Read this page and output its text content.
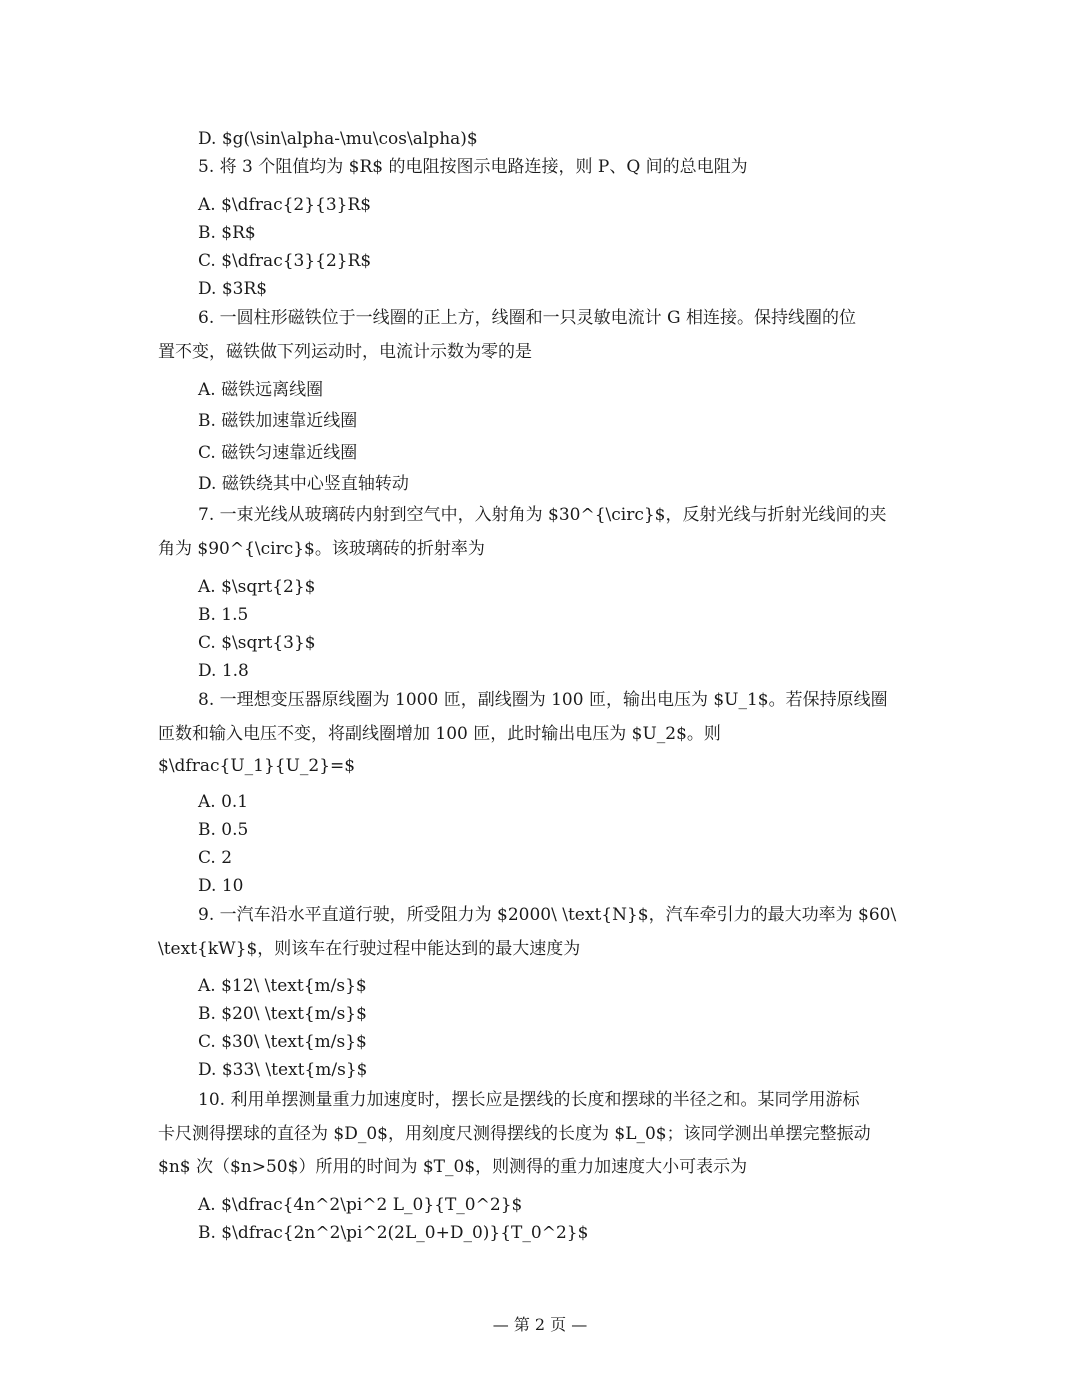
D. $g(\sin\alpha-\mu\cos\alpha)$
5. 将 3 个阻值均为 $R$ 的电阻按图示电路连接，则 P、Q 间的总电阻为
A. $\dfrac{2}{3}R$
B. $R$
C. $\dfrac{3}{2}R$
D. $3R$
6. 一圆柱形磁铁位于一线圈的正上方，线圈和一只灵敏电流计 G 相连接。保持线圈的位
置不变，磁铁做下列运动时，电流计示数为零的是
A. 磁铁远离线圈
B. 磁铁加速靠近线圈
C. 磁铁匀速靠近线圈
D. 磁铁绕其中心竖直轴转动
7. 一束光线从玻璃砖内射到空气中，入射角为 $30^{\circ}$，反射光线与折射光线间的夹
角为 $90^{\circ}$。该玻璃砖的折射率为
A. $\sqrt{2}$
B. 1.5
C. $\sqrt{3}$
D. 1.8
8. 一理想变压器原线圈为 1000 匝，副线圈为 100 匝，输出电压为 $U_1$。若保持原线圈
匝数和输入电压不变，将副线圈增加 100 匝，此时输出电压为 $U_2$。则
$\dfrac{U_1}{U_2}=$
A. 0.1
B. 0.5
C. 2
D. 10
9. 一汽车沿水平直道行驶，所受阻力为 $2000\ \text{N}$，汽车牵引力的最大功率为 $60\
\text{kW}$，则该车在行驶过程中能达到的最大速度为
A. $12\ \text{m/s}$
B. $20\ \text{m/s}$
C. $30\ \text{m/s}$
D. $33\ \text{m/s}$
10. 利用单摆测量重力加速度时，摆长应是摆线的长度和摆球的半径之和。某同学用游标
卡尺测得摆球的直径为 $D_0$，用刻度尺测得摆线的长度为 $L_0$；该同学测出单摆完整振动
$n$ 次（$n>50$）所用的时间为 $T_0$，则测得的重力加速度大小可表示为
A. $\dfrac{4n^2\pi^2 L_0}{T_0^2}$
B. $\dfrac{2n^2\pi^2(2L_0+D_0)}{T_0^2}$
— 第 2 页 —
